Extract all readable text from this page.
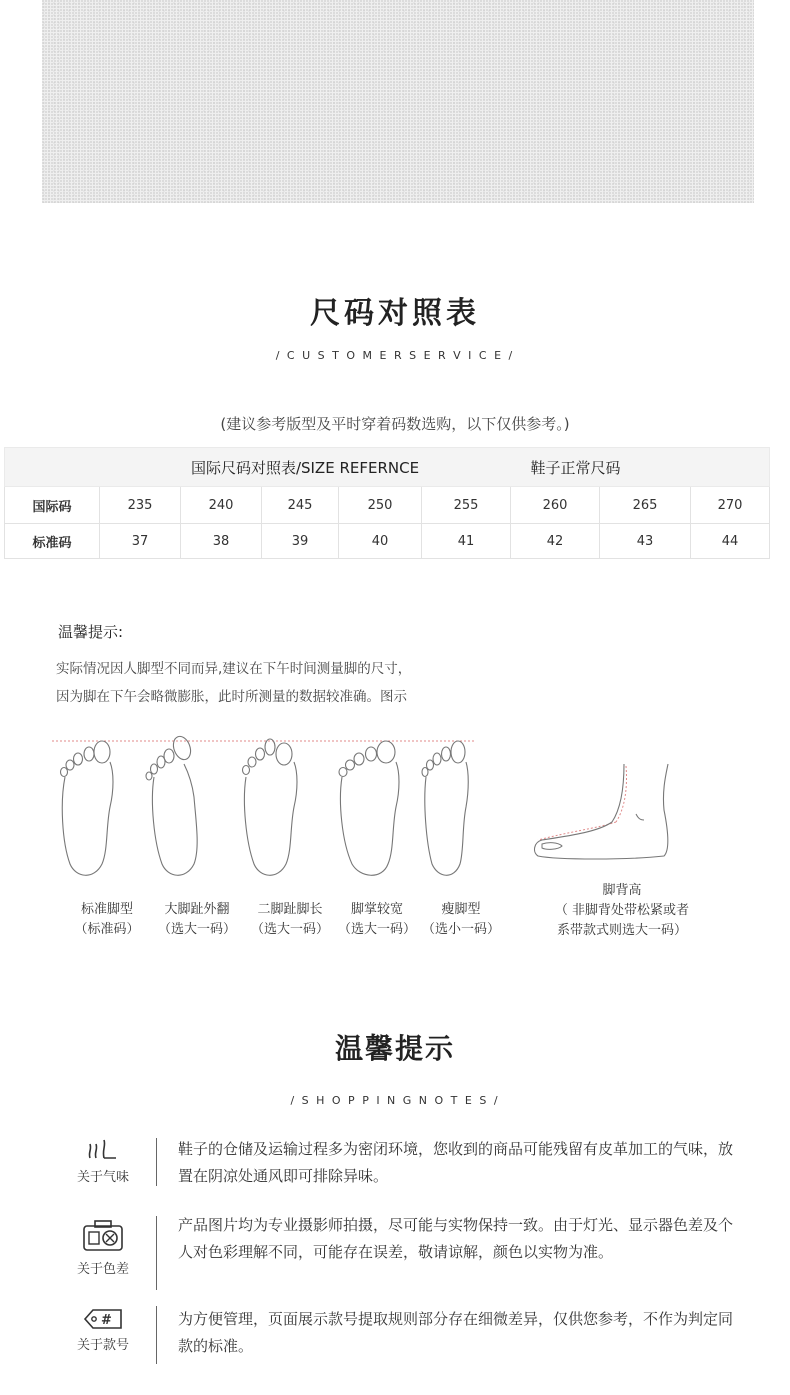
尺码对照表
/ C U S T O M E R S E R V I C E /
(建议参考版型及平时穿着码数选购，以下仅供参考。)
	国际尺码对照表/SIZE REFERNCE					鞋子正常尺码		
国际码	235	240	245	250	255	260	265	270
标准码	37	38	39	40	41	42	43	44
温馨提示:
实际情况因人脚型不同而异,建议在下午时间测量脚的尺寸，
因为脚在下午会略微膨胀，此时所测量的数据较准确。图示
标准脚型
（标准码）
大脚趾外翻
（选大一码）
二脚趾脚长
（选大一码）
脚掌较宽
（选大一码）
瘦脚型
（选小一码）
脚背高
（ 非脚背处带松紧或者
系带款式则选大一码）
温馨提示
/ S H O P P I N G N O T E S /
关于气味
鞋子的仓储及运输过程多为密闭环境，您收到的商品可能残留有皮革加工的气味，放置在阴凉处通风即可排除异味。
关于色差
产品图片均为专业摄影师拍摄，尽可能与实物保持一致。由于灯光、显示器色差及个人对色彩理解不同，可能存在误差，敬请谅解，颜色以实物为准。
#
关于款号
为方便管理，页面展示款号提取规则部分存在细微差异，仅供您参考，不作为判定同款的标准。
